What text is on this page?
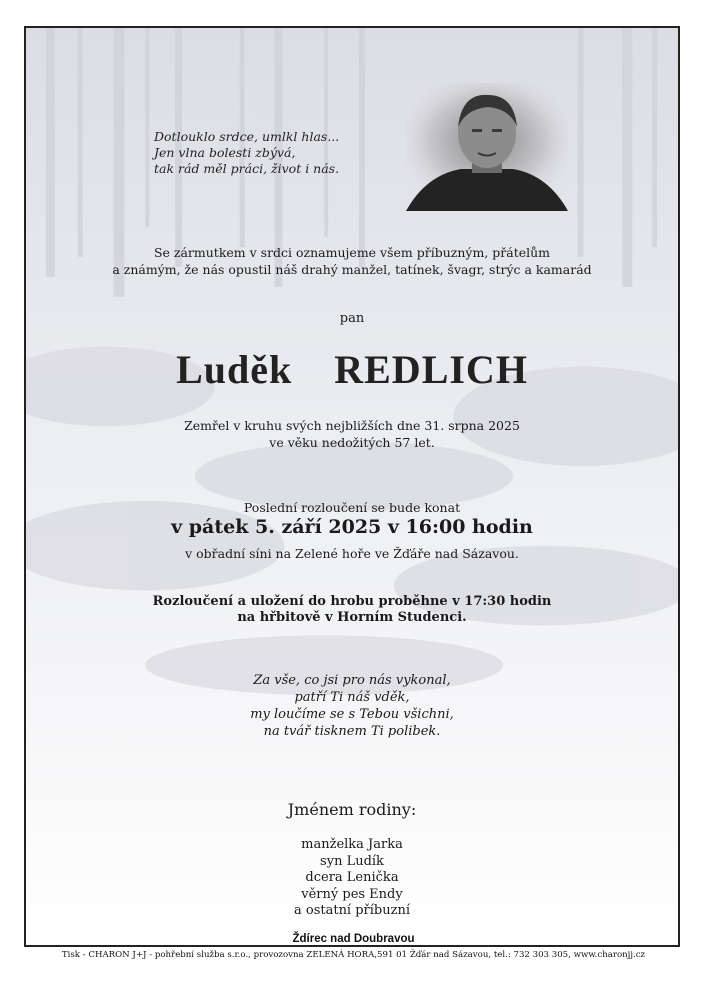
Dotlouklo srdce, umlkl hlas...
Jen vlna bolesti zbývá,
tak rád měl práci, život i nás.
Se zármutkem v srdci oznamujeme všem příbuzným, přátelům
a známým, že nás opustil náš drahý manžel, tatínek, švagr, strýc a kamarád
pan
Luděk  REDLICH
Zemřel v kruhu svých nejbližších dne 31. srpna 2025
ve věku nedožitých 57 let.
Poslední rozloučení se bude konat
v pátek 5. září 2025 v 16:00 hodin
v obřadní síni na Zelené hoře ve Žďáře nad Sázavou.
Rozloučení a uložení do hrobu proběhne v 17:30 hodin
na hřbitově v Horním Studenci.
Za vše, co jsi pro nás vykonal,
patří Ti náš vděk,
my loučíme se s Tebou všichni,
na tvář tisknem Ti polibek.
Jménem rodiny:
manželka Jarka
syn Ludík
dcera Lenička
věrný pes Endy
a ostatní příbuzní
Ždírec nad Doubravou
Tisk - CHARON J+J - pohřební služba s.r.o., provozovna ZELENÁ HORA,591 01 Žďár nad Sázavou, tel.: 732 303 305, www.charonjj.cz
